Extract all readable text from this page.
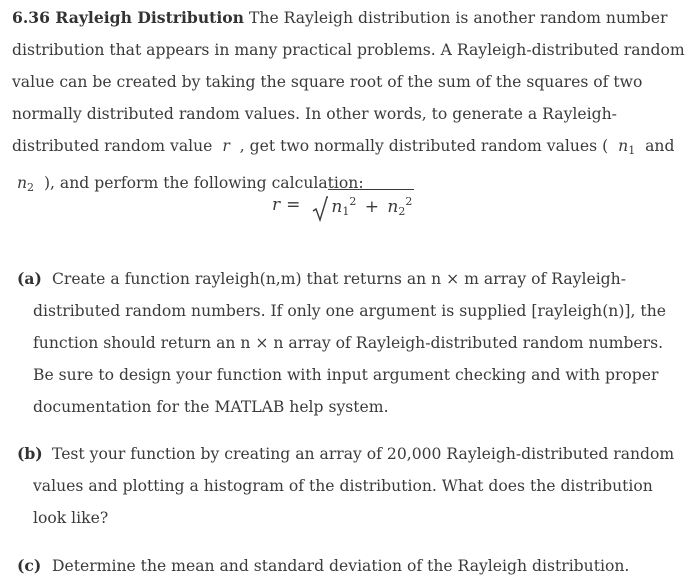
6.36 Rayleigh Distribution The Rayleigh distribution is another random number distribution that appears in many practical problems. A Rayleigh-distributed random value can be created by taking the square root of the sum of the squares of two normally distributed random values. In other words, to generate a Rayleigh-distributed random value r , get two normally distributed random values ( $n_1$ and  $n_2$ ), and perform the following calculation:

$r = n_1^2 + n_2^2$

(a) Create a function rayleigh(n,m) that returns an n × m array of Rayleigh-distributed random numbers. If only one argument is supplied [rayleigh(n)], the function should return an n × n array of Rayleigh-distributed random numbers. Be sure to design your function with input argument checking and with proper documentation for the MATLAB help system.

(b) Test your function by creating an array of 20,000 Rayleigh-distributed random values and plotting a histogram of the distribution. What does the distribution look like?

(c) Determine the mean and standard deviation of the Rayleigh distribution.
